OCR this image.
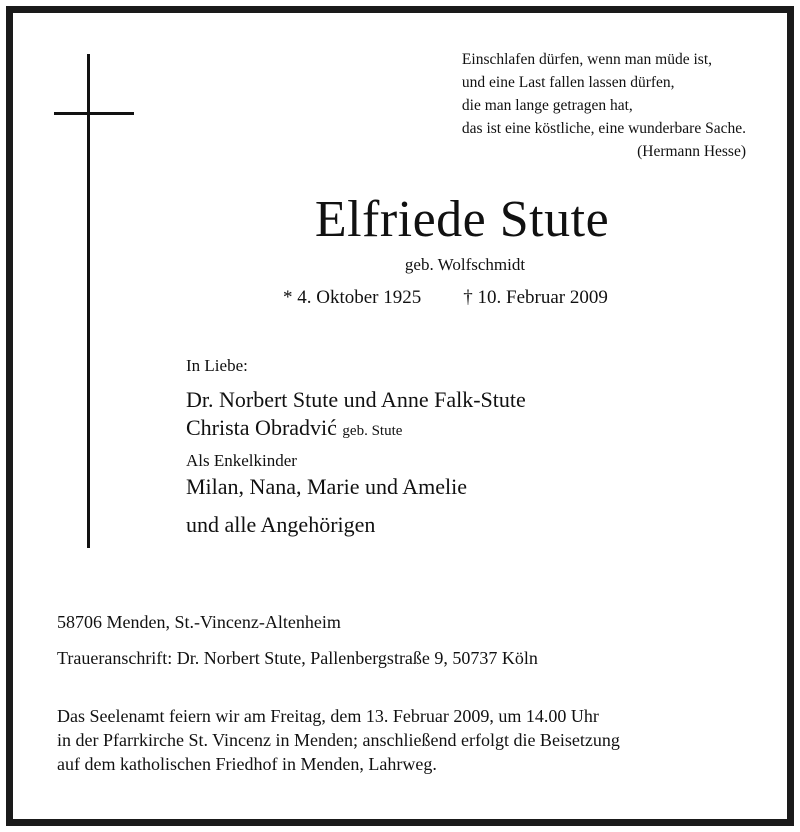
Einschlafen dürfen, wenn man müde ist,
und eine Last fallen lassen dürfen,
die man lange getragen hat,
das ist eine köstliche, eine wunderbare Sache.
(Hermann Hesse)
Elfriede Stute
geb. Wolfschmidt
* 4. Oktober 1925 † 10. Februar 2009
In Liebe:
Dr. Norbert Stute und Anne Falk-Stute
Christa Obradvić geb. Stute
Als Enkelkinder
Milan, Nana, Marie und Amelie
und alle Angehörigen
58706 Menden, St.-Vincenz-Altenheim
Traueranschrift: Dr. Norbert Stute, Pallenbergstraße 9, 50737 Köln
Das Seelenamt feiern wir am Freitag, dem 13. Februar 2009, um 14.00 Uhr
in der Pfarrkirche St. Vincenz in Menden; anschließend erfolgt die Beisetzung
auf dem katholischen Friedhof in Menden, Lahrweg.
